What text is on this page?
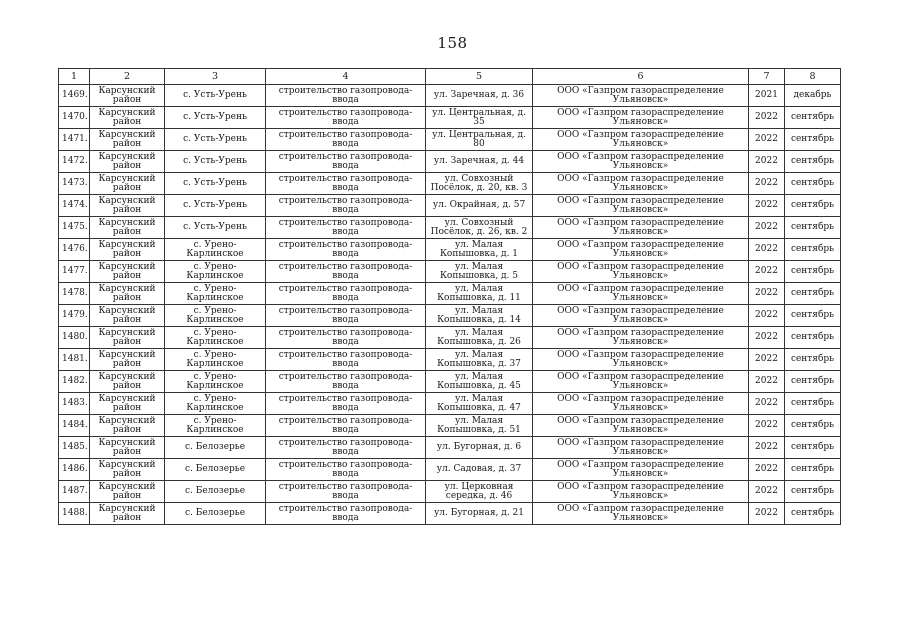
158
1	2	3	4	5	6	7	8
1469.	Карсунский район	с. Усть-Урень	строительство газопровода-ввода	ул. Заречная, д. 36	ООО «Газпром газораспределение Ульяновск»	2021	декабрь
1470.	Карсунский район	с. Усть-Урень	строительство газопровода-ввода	ул. Центральная, д. 35	ООО «Газпром газораспределение Ульяновск»	2022	сентябрь
1471.	Карсунский район	с. Усть-Урень	строительство газопровода-ввода	ул. Центральная, д. 80	ООО «Газпром газораспределение Ульяновск»	2022	сентябрь
1472.	Карсунский район	с. Усть-Урень	строительство газопровода-ввода	ул. Заречная, д. 44	ООО «Газпром газораспределение Ульяновск»	2022	сентябрь
1473.	Карсунский район	с. Усть-Урень	строительство газопровода-ввода	ул. Совхозный Посёлок, д. 20, кв. 3	ООО «Газпром газораспределение Ульяновск»	2022	сентябрь
1474.	Карсунский район	с. Усть-Урень	строительство газопровода-ввода	ул. Окрайная, д. 57	ООО «Газпром газораспределение Ульяновск»	2022	сентябрь
1475.	Карсунский район	с. Усть-Урень	строительство газопровода-ввода	ул. Совхозный Посёлок, д. 26, кв. 2	ООО «Газпром газораспределение Ульяновск»	2022	сентябрь
1476.	Карсунский район	с. Урено-Карлинское	строительство газопровода-ввода	ул. Малая Копышовка, д. 1	ООО «Газпром газораспределение Ульяновск»	2022	сентябрь
1477.	Карсунский район	с. Урено-Карлинское	строительство газопровода-ввода	ул. Малая Копышовка, д. 5	ООО «Газпром газораспределение Ульяновск»	2022	сентябрь
1478.	Карсунский район	с. Урено-Карлинское	строительство газопровода-ввода	ул. Малая Копышовка, д. 11	ООО «Газпром газораспределение Ульяновск»	2022	сентябрь
1479.	Карсунский район	с. Урено-Карлинское	строительство газопровода-ввода	ул. Малая Копышовка, д. 14	ООО «Газпром газораспределение Ульяновск»	2022	сентябрь
1480.	Карсунский район	с. Урено-Карлинское	строительство газопровода-ввода	ул. Малая Копышовка, д. 26	ООО «Газпром газораспределение Ульяновск»	2022	сентябрь
1481.	Карсунский район	с. Урено-Карлинское	строительство газопровода-ввода	ул. Малая Копышовка, д. 37	ООО «Газпром газораспределение Ульяновск»	2022	сентябрь
1482.	Карсунский район	с. Урено-Карлинское	строительство газопровода-ввода	ул. Малая Копышовка, д. 45	ООО «Газпром газораспределение Ульяновск»	2022	сентябрь
1483.	Карсунский район	с. Урено-Карлинское	строительство газопровода-ввода	ул. Малая Копышовка, д. 47	ООО «Газпром газораспределение Ульяновск»	2022	сентябрь
1484.	Карсунский район	с. Урено-Карлинское	строительство газопровода-ввода	ул. Малая Копышовка, д. 51	ООО «Газпром газораспределение Ульяновск»	2022	сентябрь
1485.	Карсунский район	с. Белозерье	строительство газопровода-ввода	ул. Бугорная, д. 6	ООО «Газпром газораспределение Ульяновск»	2022	сентябрь
1486.	Карсунский район	с. Белозерье	строительство газопровода-ввода	ул. Садовая, д. 37	ООО «Газпром газораспределение Ульяновск»	2022	сентябрь
1487.	Карсунский район	с. Белозерье	строительство газопровода-ввода	ул. Церковная середка, д. 46	ООО «Газпром газораспределение Ульяновск»	2022	сентябрь
1488.	Карсунский район	с. Белозерье	строительство газопровода-ввода	ул. Бугорная, д. 21	ООО «Газпром газораспределение Ульяновск»	2022	сентябрь
